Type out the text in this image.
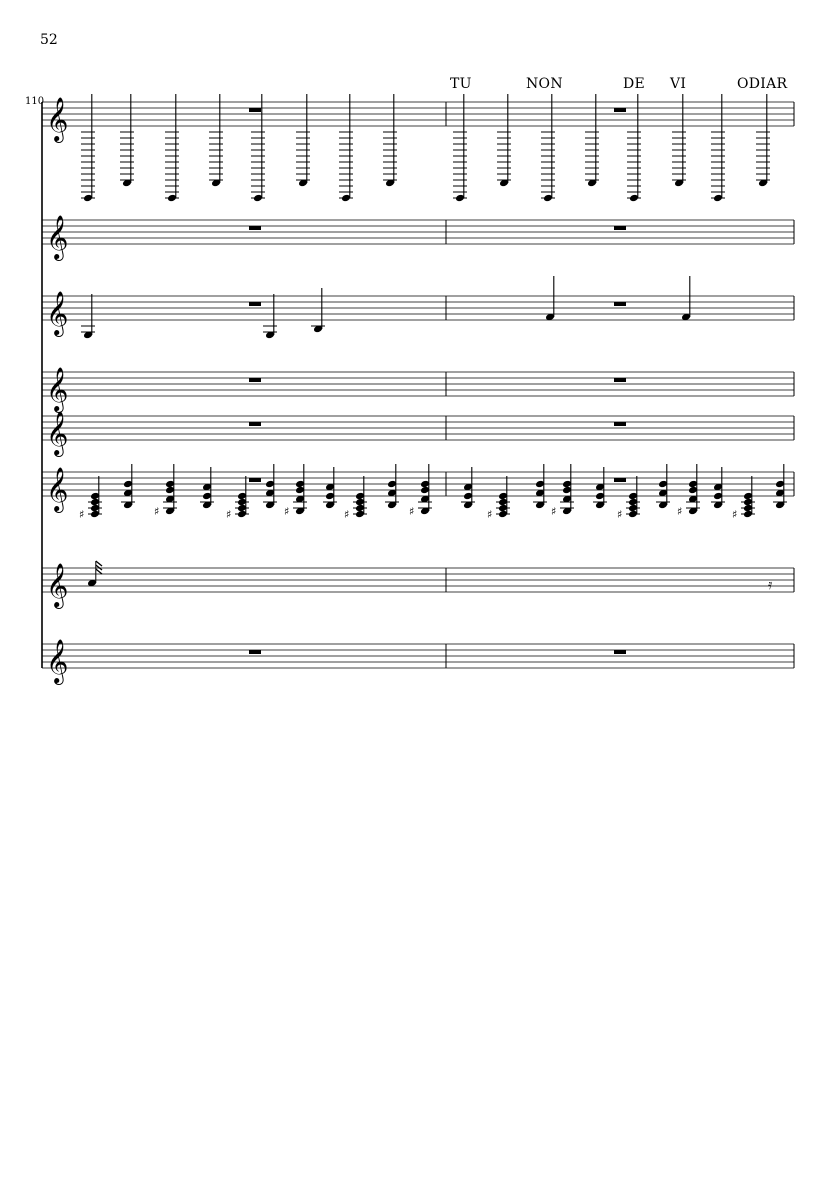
52
110
TU	NON	DE VI	ODIAR
𝄞
𝄞
𝄞
𝄞
𝄞
𝄞
𝄞
𝄞
♯	♯	♯	♯	♯	♯	♯	♯	♯	♯	♯
𝄿
